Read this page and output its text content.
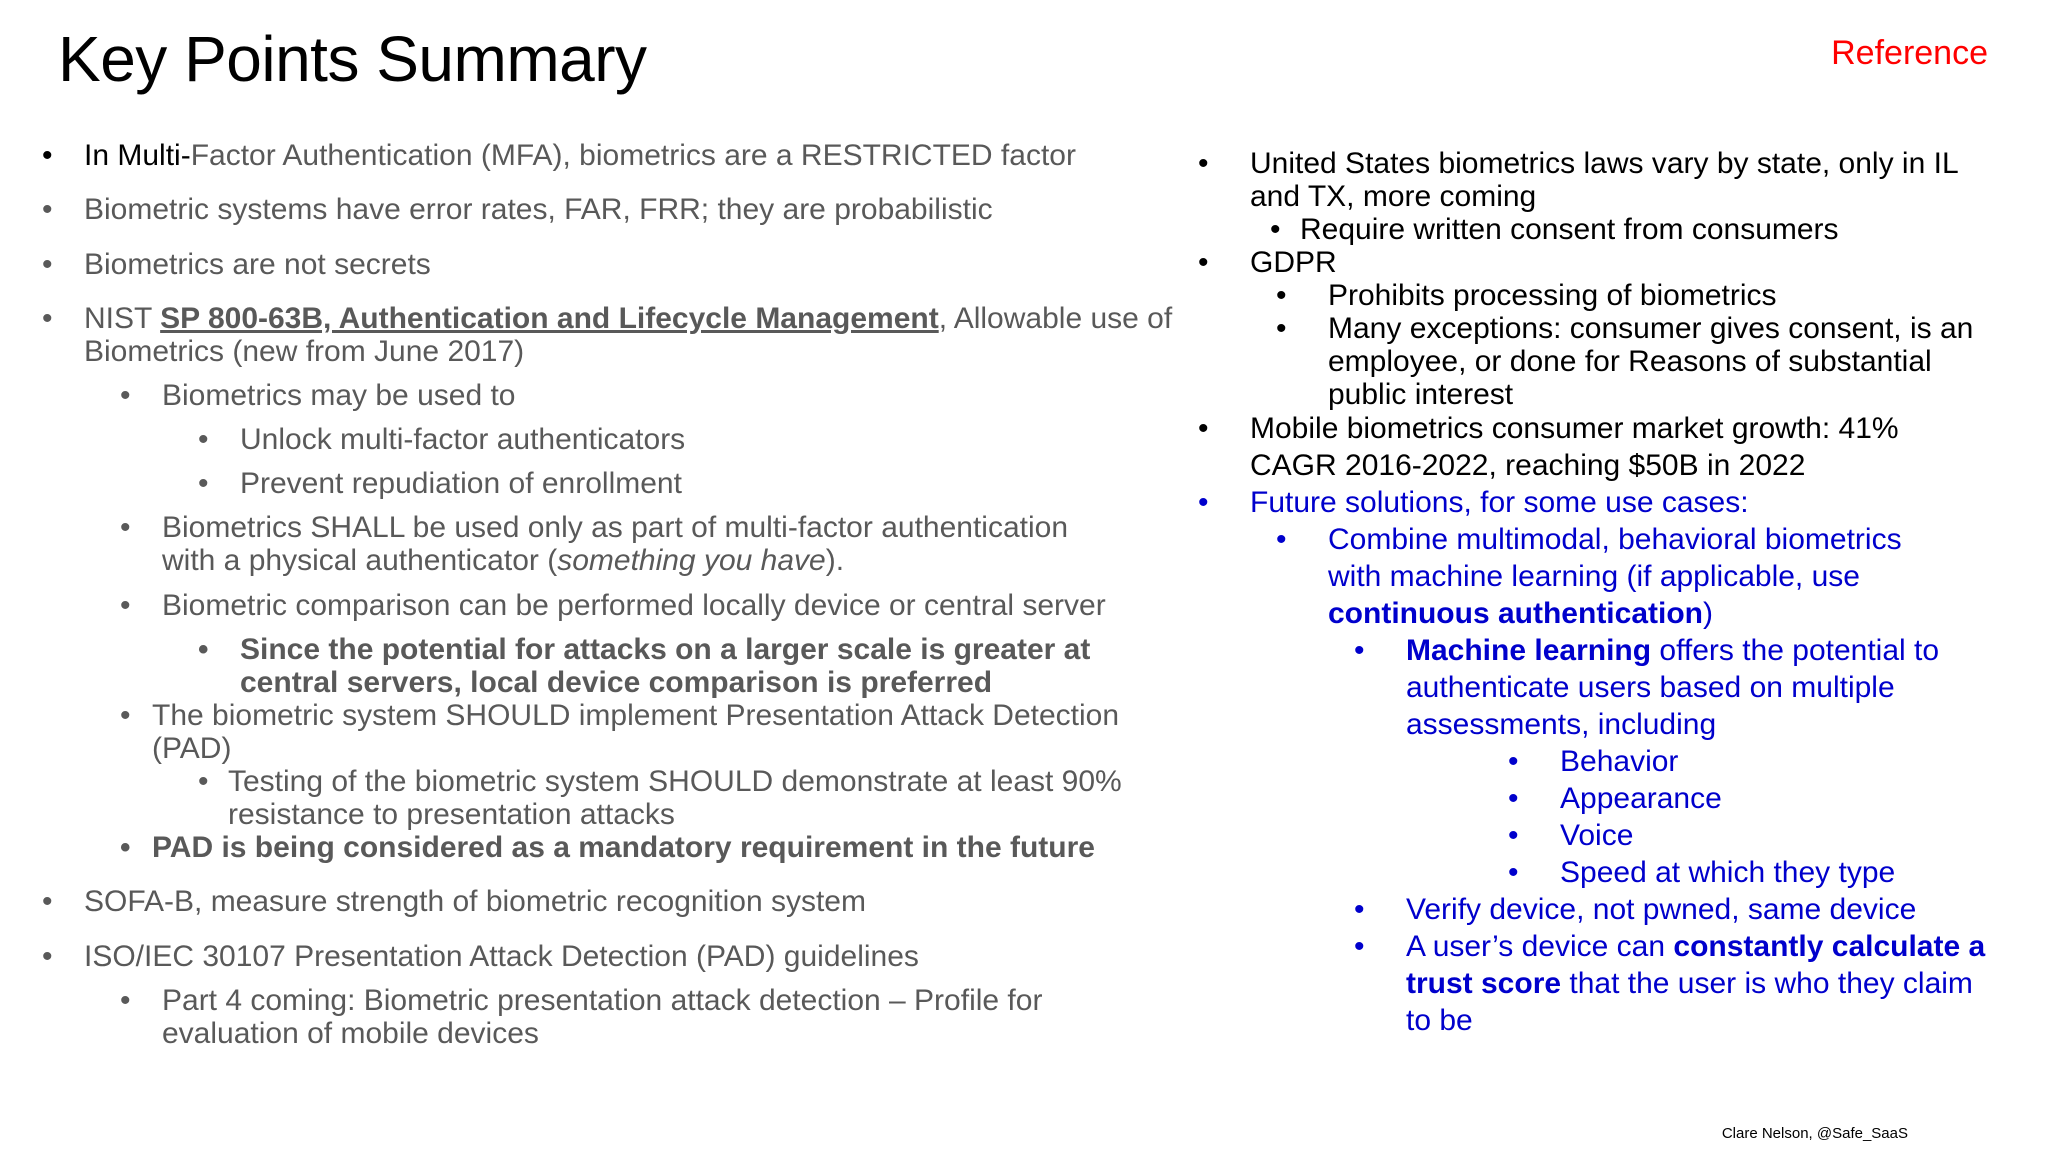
Key Points Summary	Reference
• In Multi-Factor Authentication (MFA), biometrics are a RESTRICTED factor
• Biometric systems have error rates, FAR, FRR; they are probabilistic
• Biometrics are not secrets
• NIST SP 800-63B, Authentication and Lifecycle Management, Allowable use of
Biometrics (new from June 2017)
• Biometrics may be used to
• Unlock multi-factor authenticators
• Prevent repudiation of enrollment
• Biometrics SHALL be used only as part of multi-factor authentication
with a physical authenticator (something you have).
• Biometric comparison can be performed locally device or central server
• Since the potential for attacks on a larger scale is greater at
central servers, local device comparison is preferred
• The biometric system SHOULD implement Presentation Attack Detection
(PAD)
• Testing of the biometric system SHOULD demonstrate at least 90%
resistance to presentation attacks
• PAD is being considered as a mandatory requirement in the future
• SOFA-B, measure strength of biometric recognition system
• ISO/IEC 30107 Presentation Attack Detection (PAD) guidelines
• Part 4 coming: Biometric presentation attack detection – Profile for
evaluation of mobile devices
• United States biometrics laws vary by state, only in IL
and TX, more coming
• Require written consent from consumers
• GDPR
• Prohibits processing of biometrics
• Many exceptions: consumer gives consent, is an
employee, or done for Reasons of substantial
public interest
• Mobile biometrics consumer market growth: 41%
CAGR 2016-2022, reaching $50B in 2022
• Future solutions, for some use cases:
• Combine multimodal, behavioral biometrics
with machine learning (if applicable, use
continuous authentication)
• Machine learning offers the potential to
authenticate users based on multiple
assessments, including
• Behavior
• Appearance
• Voice
• Speed at which they type
• Verify device, not pwned, same device
• A user’s device can constantly calculate a
trust score that the user is who they claim
to be
Clare Nelson, @Safe_SaaS
